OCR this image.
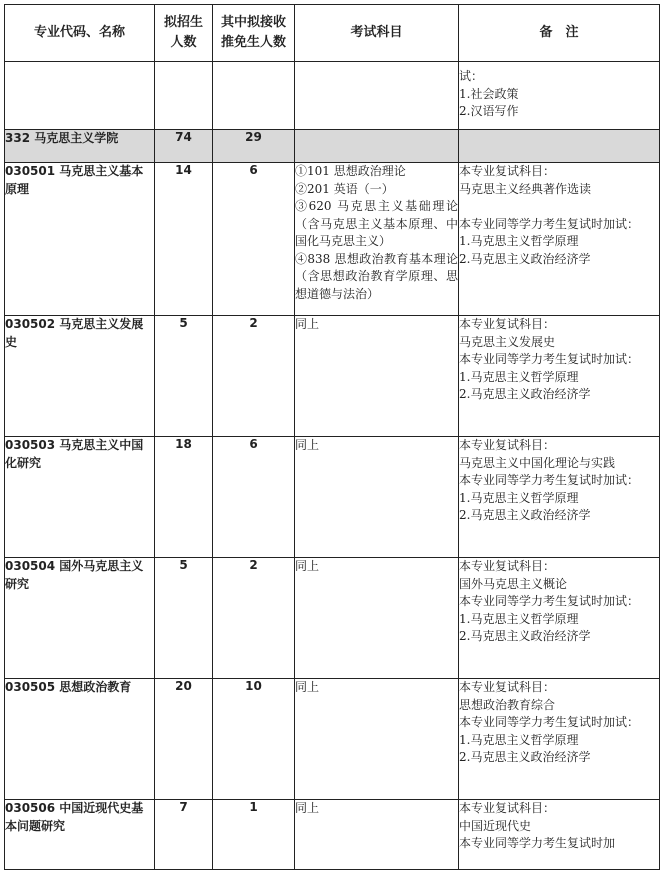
专业代码、名称	拟招生人数	其中拟接收推免生人数	考试科目	备　注

				试：
1.社会政策
2.汉语写作

332 马克思主义学院	74	29		
030501 马克思主义基本原理	14	6	①101 思想政治理论
②201 英语（一）
③620 马克思主义基础理论（含马克思主义基本原理、中国化马克思主义）
④838 思想政治教育基本理论（含思想政治教育学原理、思想道德与法治）	本专业复试科目：
马克思主义经典著作选读
本专业同等学力考生复试时加试：
1.马克思主义哲学原理
2.马克思主义政治经济学

030502 马克思主义发展史	5	2	同上	本专业复试科目：
马克思主义发展史
本专业同等学力考生复试时加试：
1.马克思主义哲学原理
2.马克思主义政治经济学

030503 马克思主义中国化研究	18	6	同上	本专业复试科目：
马克思主义中国化理论与实践
本专业同等学力考生复试时加试：
1.马克思主义哲学原理
2.马克思主义政治经济学

030504 国外马克思主义研究	5	2	同上	本专业复试科目：
国外马克思主义概论
本专业同等学力考生复试时加试：
1.马克思主义哲学原理
2.马克思主义政治经济学

030505 思想政治教育	20	10	同上	本专业复试科目：
思想政治教育综合
本专业同等学力考生复试时加试：
1.马克思主义哲学原理
2.马克思主义政治经济学

030506 中国近现代史基本问题研究	7	1	同上	本专业复试科目：
中国近现代史
本专业同等学力考生复试时加
